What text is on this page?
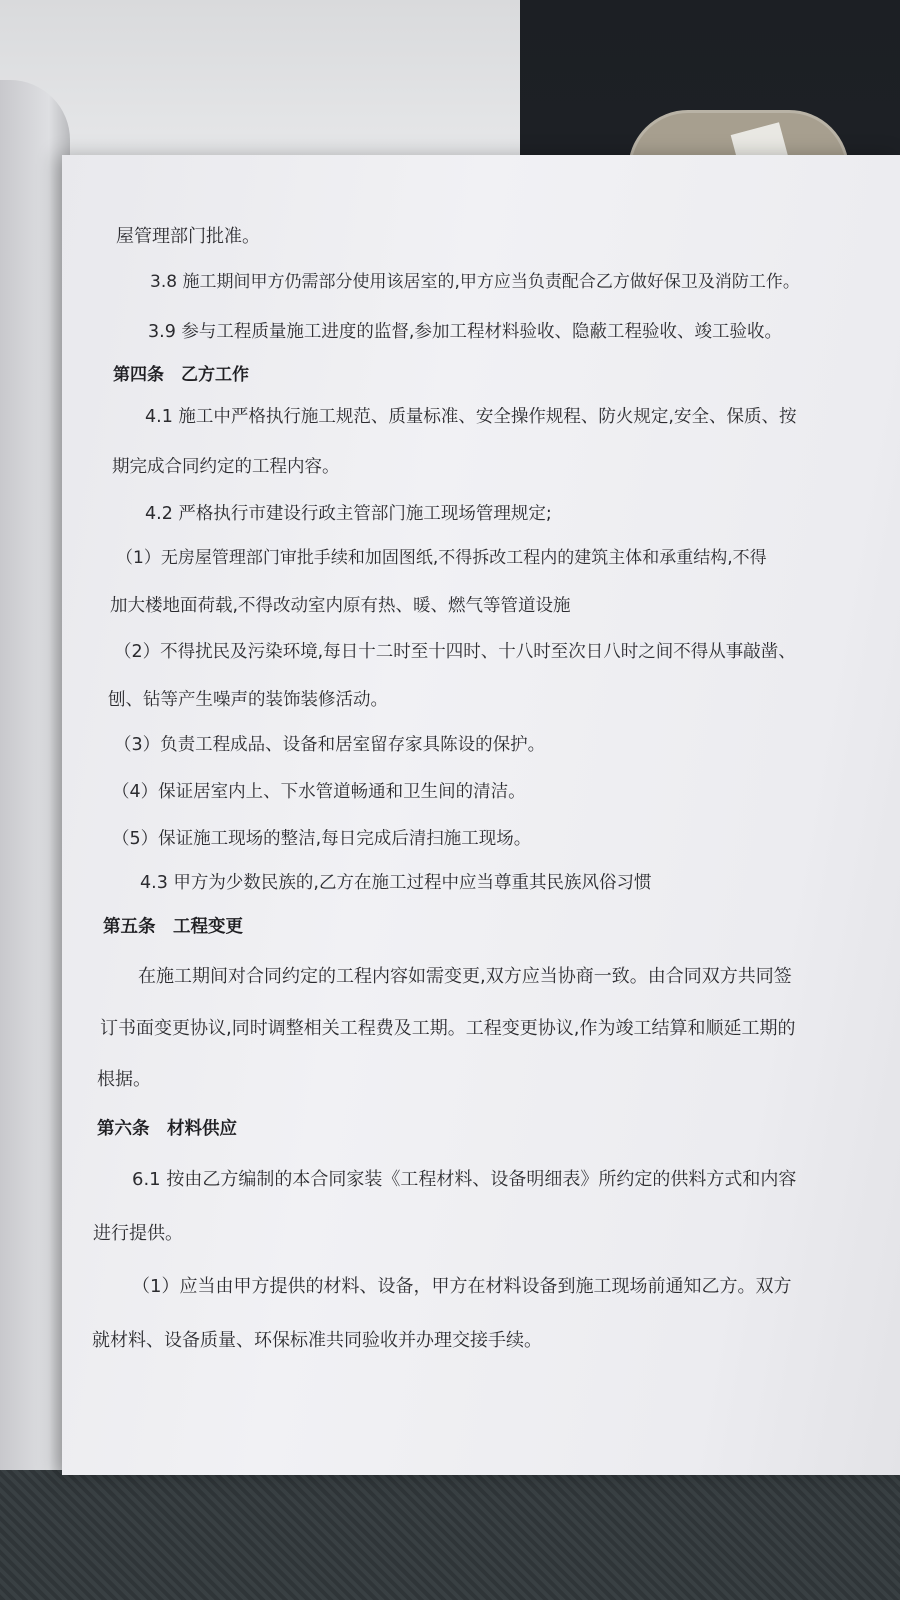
屋管理部门批准。
3.8 施工期间甲方仍需部分使用该居室的,甲方应当负责配合乙方做好保卫及消防工作。
3.9 参与工程质量施工进度的监督,参加工程材料验收、隐蔽工程验收、竣工验收。
第四条　乙方工作
4.1 施工中严格执行施工规范、质量标准、安全操作规程、防火规定,安全、保质、按
期完成合同约定的工程内容。
4.2 严格执行市建设行政主管部门施工现场管理规定;
（1）无房屋管理部门审批手续和加固图纸,不得拆改工程内的建筑主体和承重结构,不得
加大楼地面荷载,不得改动室内原有热、暖、燃气等管道设施
（2）不得扰民及污染环境,每日十二时至十四时、十八时至次日八时之间不得从事敲凿、
刨、钻等产生噪声的装饰装修活动。
（3）负责工程成品、设备和居室留存家具陈设的保护。
（4）保证居室内上、下水管道畅通和卫生间的清洁。
（5）保证施工现场的整洁,每日完成后清扫施工现场。
4.3 甲方为少数民族的,乙方在施工过程中应当尊重其民族风俗习惯
第五条　工程变更
在施工期间对合同约定的工程内容如需变更,双方应当协商一致。由合同双方共同签
订书面变更协议,同时调整相关工程费及工期。工程变更协议,作为竣工结算和顺延工期的
根据。
第六条　材料供应
6.1 按由乙方编制的本合同家装《工程材料、设备明细表》所约定的供料方式和内容
进行提供。
（1）应当由甲方提供的材料、设备，甲方在材料设备到施工现场前通知乙方。双方
就材料、设备质量、环保标准共同验收并办理交接手续。
